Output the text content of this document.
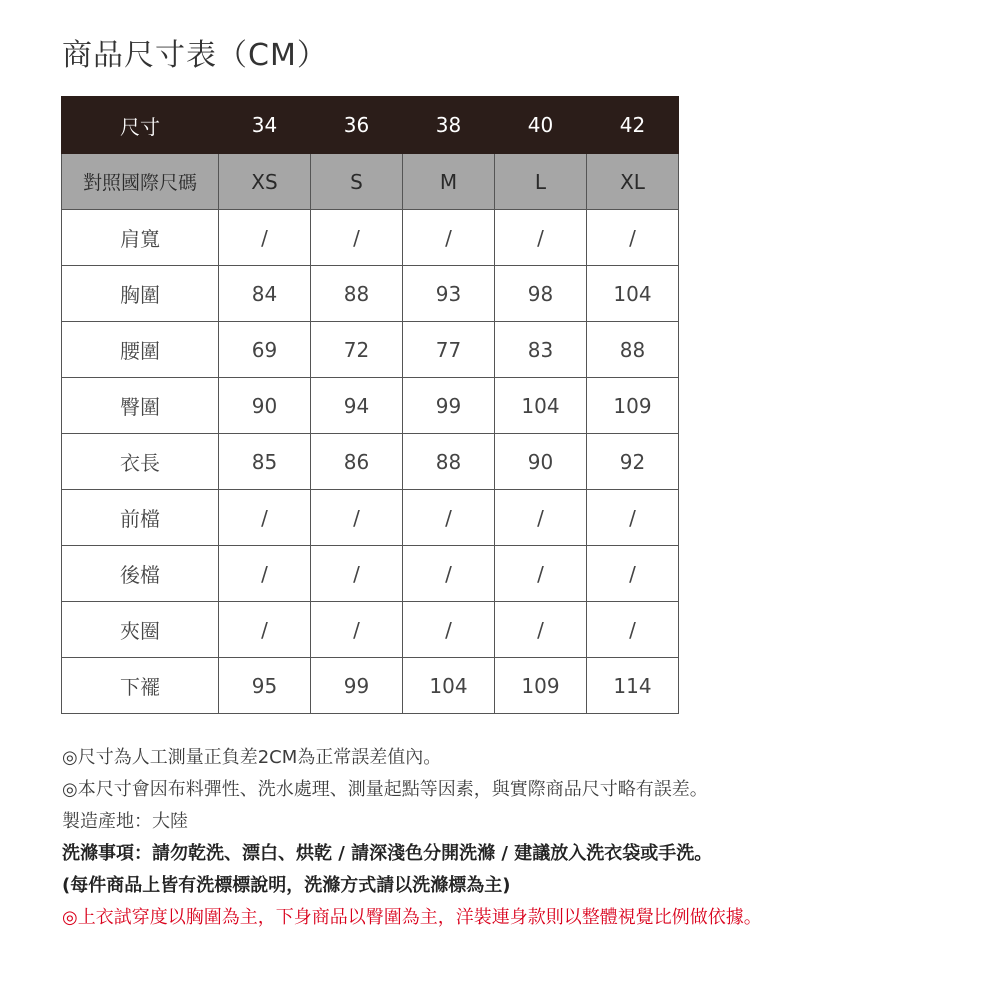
商品尺寸表（CM）
尺寸	34	36	38	40	42
對照國際尺碼	XS	S	M	L	XL
肩寬	/	/	/	/	/
胸圍	84	88	93	98	104
腰圍	69	72	77	83	88
臀圍	90	94	99	104	109
衣長	85	86	88	90	92
前檔	/	/	/	/	/
後檔	/	/	/	/	/
夾圈	/	/	/	/	/
下襬	95	99	104	109	114
◎尺寸為人工測量正負差2CM為正常誤差值內。
◎本尺寸會因布料彈性、洗水處理、測量起點等因素，與實際商品尺寸略有誤差。
製造產地：大陸
洗滌事項：請勿乾洗、漂白、烘乾 / 請深淺色分開洗滌 / 建議放入洗衣袋或手洗。
(每件商品上皆有洗標標說明，洗滌方式請以洗滌標為主)
◎上衣試穿度以胸圍為主，下身商品以臀圍為主，洋裝連身款則以整體視覺比例做依據。
